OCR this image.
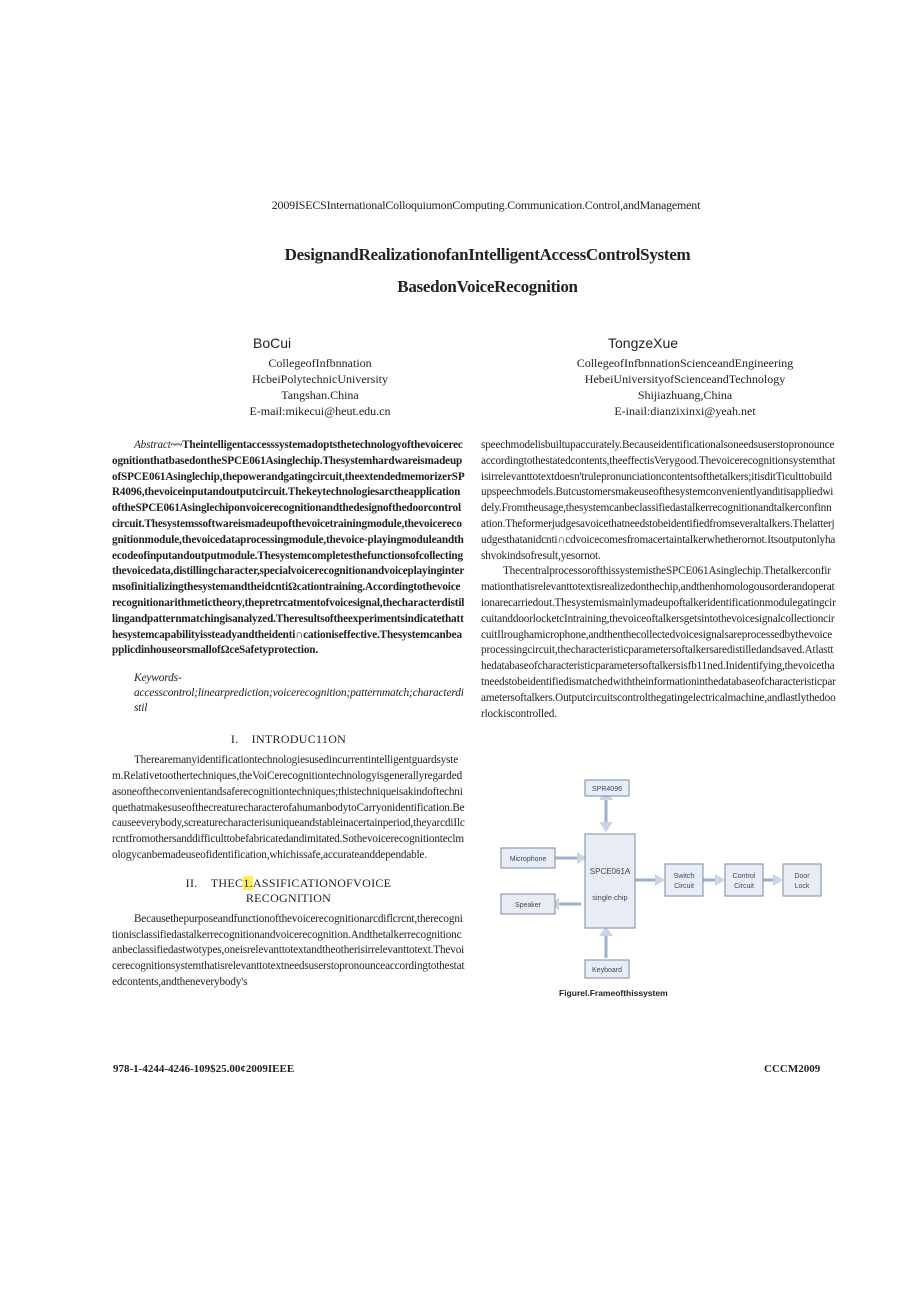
2009ISECSInternationalColloquiumonComputing.Communication.Control,andManagement
DesignandRealizationofanIntelligentAccessControlSystem
BasedonVoiceRecognition
BoCui
CollegeofInfbnnation
HcbeiPolytechnicUniversity
Tangshan.China
E-mail:mikecui@heut.edu.cn
TongzeXue
CollegeofInfbnnationScienceandEngineering
HebeiUniversityofScienceandTechnology
Shijiazhuang,China
E-inail:dianzixinxi@yeah.net

Abstract~~TheintelligentaccesssystemadoptsthetechnologyofthevoicerecognitionthatbasedontheSPCE061Asinglechip.ThesystemhardwareismadeupofSPCE061Asinglechip,thepowerandgatingcircuit,theextendedmemorizerSPR4096,thevoiceinputandoutputcircuit.ThekeytechnologiesarctheapplicationoftheSPCE061Asinglechiponvoicerecognitionandthedesignofthedoorcontrolcircuit.Thesystemssoftwareismadeupofthevoicetrainingmodule,thevoicerecognitionmodule,thevoicedataprocessingmodule,thevoice-playingmoduleandthecodeofinputandoutputmodule.Thesystemcompletesthefunctionsofcollectingthevoicedata,distillingcharacter,specialvoicerecognitionandvoiceplayingintermsofinitializingthesystemandtheidcntiΩcationtraining.Accordingtothevoicerecognitionarithmetictheory,thepretrcatmentofvoicesignal,thecharacterdistillingandpatternmatchingisanalyzed.Theresultsoftheexperimentsindicatethatthesystemcapabilityissteadyandtheidenti∩cationiseffective.ThesystemcanbeapplicdinhouseorsmallofΩceSafetyprotection.

Keywords-
accesscontrol;linearprediction;voicerecognition;patternmatch;characterdistil

I. INTRODUC11ON

Therearemanyidentificationtechnologiesusedincurrentintelligentguardsystem.Relativetoothertechniques,theVoiCerecognitiontechnologyisgenerallyregardedasoneoftheconvenientandsaferecognitiontechniques;thistechniqueisakindoftechniquethatmakesuseofthecreaturecharacterofahumanbodytoCarryonidentification.Becauseeverybody,screaturecharacterisuniqueandstableinacertainperiod,theyarcdiIlcrcntfromothersanddifficulttobefabricatedandimitated.Sothevoicerecognitionteclmologycanbemadeuseofidentification,whichissafe,accurateanddependable.

II. THEC1.ASSIFICATIONOFVOICE
RECOGNITION

Becausethepurposeandfunctionofthevoicerecognitionarcdiflcrcnt,therecognitionisclassifiedastalkerrecognitionandvoicerecognition.Andthetalkerrecognitioncanbeclassifiedastwotypes,oneisrelevanttotextandtheotherisirrelevanttotext.Thevoicerecognitionsystemthatisrelevanttotextneedsuserstopronounceaccordingtothestatedcontents,andtheneverybody's

speechmodelisbuiltupaccurately.Becauseidentificationalsoneedsuserstopronounceaccordingtothestatedcontents,theeffectisVerygood.Thevoicerecognitionsystemthatisirrelevanttotextdoesn'trulepronunciationcontentsofthetalkers;itisditTiculttobuildupspeechmodels.Butcustomersmakeuseofthesystemconvenientlyanditisappliedwidely.Fromtheusage,thesystemcanbeclassifiedastalkerrecognitionandtalkerconfinnation.Theformerjudgesavoicethatneedstobeidentifiedfromseveraltalkers.Thelatterjudgesthatanidcnti∩cdvoicecomesfromacertaintalkerwhetherornot.Itsoutputonlyhashvokindsofresult,yesornot.

ThecentralprocessorofthissystemistheSPCE061Asinglechip.Thetalkerconfirmationthatisrelevanttotextisrealizedonthechip,andthenhomologousorderandoperationarecarriedout.ThesystemismainlymadeupoftalkeridentificationmodulegatingcircuitanddoorlocketcIntraining,thevoiceoftalkersgetsintothevoicesignalcollectioncircuitIlroughamicrophone,andthenthecollectedvoicesignalsareprocessedbythevoiceprocessingcircuit,thecharacteristicparametersoftalkersaredistilledandsaved.Atlastthedatabaseofcharacteristicparametersoftalkersisfb11ned.Inidentifying,thevoicethatneedstobeidentifiedismatchedwiththeinformationinthedatabaseofcharacteristicparametersoftalkers.Outputcircuitscontrolthegatingelectricalmachine,andlastlythedoorlockiscontrolled.

SPR4096
Microphone
Speaker
SPCE061A
single chip
Switch
Circuit
Control
Circuit
Door
Lock
Keyboard
Figurel.Frameofthissystem
978-1-4244-4246-109$25.00¢2009IEEE	CCCM2009
